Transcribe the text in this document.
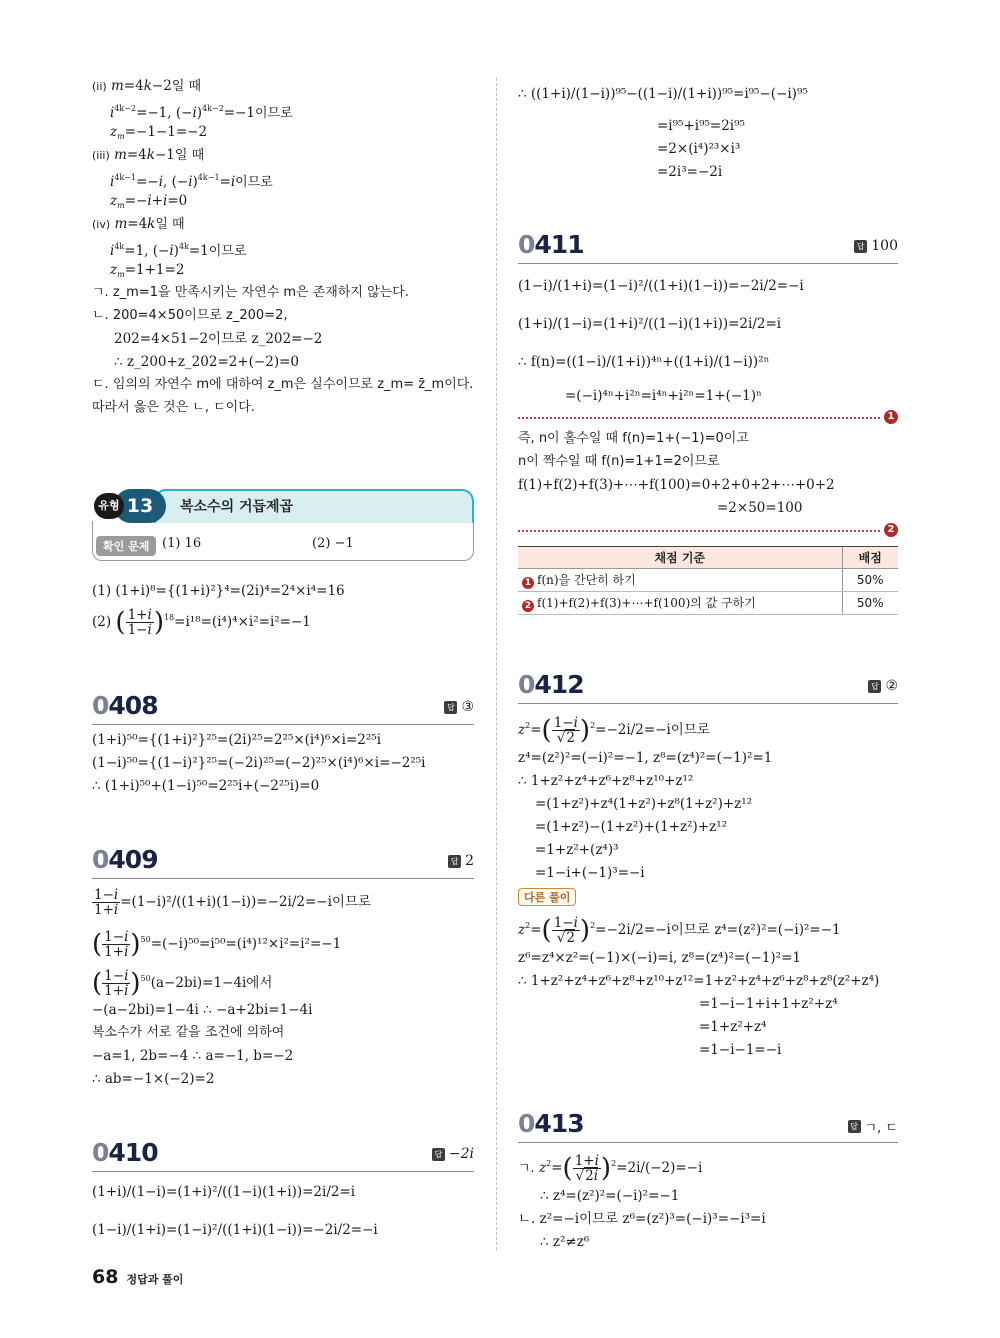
(ii) m=4k−2일 때
$i^{4k-2}=-1$, $(-i)^{4k-2}=-1$이므로
$z_m=-1-1=-2$
(iii) m=4k−1일 때
$i^{4k-1}=-i$, $(-i)^{4k-1}=i$이므로
$z_m=-i+i=0$
(iv) m=4k일 때
$i^{4k}=1$, $(-i)^{4k}=1$이므로
$z_m=1+1=2$
ㄱ. z_m=1을 만족시키는 자연수 m은 존재하지 않는다.
ㄴ. 200=4×50이므로 z_200=2,
202=4×51−2이므로 z_202=−2
∴ z_200+z_202=2+(−2)=0
ㄷ. 임의의 자연수 m에 대하여 z_m은 실수이므로 z_m= z̄_m이다.
따라서 옳은 것은 ㄴ, ㄷ이다.
13
유형	복소수의 거듭제곱
확인 문제 (1) 16	(2) −1
(1) (1+i)⁸={(1+i)²}⁴=(2i)⁴=2⁴×i⁴=16
(2) ( $\frac{1+i}{1-i} )^{18}=i^{18}=(i^4)^4\times i^2=i^2=-1$
0408	답 ③
(1+i)⁵⁰={(1+i)²}²⁵=(2i)²⁵=2²⁵×(i⁴)⁶×i=2²⁵i
(1−i)⁵⁰={(1−i)²}²⁵=(−2i)²⁵=(−2)²⁵×(i⁴)⁶×i=−2²⁵i
∴ (1+i)⁵⁰+(1−i)⁵⁰=2²⁵i+(−2²⁵i)=0
0409	답 2
$\frac{1-i}{1+i} =(1-i)^2/((1+i)(1-i))=-2i/2=-i$이므로
( $\frac{1-i}{1+i} )^{50}=(-i)^{50}=i^{50}=(i^4)^{12}\times i^2=i^2=-1$
( $\frac{1-i}{1+i} )^{50}(a-2bi)=1-4i$에서
−(a−2bi)=1−4i ∴ −a+2bi=1−4i
복소수가 서로 같을 조건에 의하여
−a=1, 2b=−4 ∴ a=−1, b=−2
∴ ab=−1×(−2)=2
0410	답 −2i
(1+i)/(1−i)=(1+i)²/((1−i)(1+i))=2i/2=i
(1−i)/(1+i)=(1−i)²/((1+i)(1−i))=−2i/2=−i
68 정답과 풀이
∴ ((1+i)/(1−i))⁹⁵−((1−i)/(1+i))⁹⁵=i⁹⁵−(−i)⁹⁵
=i⁹⁵+i⁹⁵=2i⁹⁵
=2×(i⁴)²³×i³
=2i³=−2i
0411	답 100
(1−i)/(1+i)=(1−i)²/((1+i)(1−i))=−2i/2=−i
(1+i)/(1−i)=(1+i)²/((1−i)(1+i))=2i/2=i
∴ f(n)=((1−i)/(1+i))⁴ⁿ+((1+i)/(1−i))²ⁿ
=(−i)⁴ⁿ+i²ⁿ=i⁴ⁿ+i²ⁿ=1+(−1)ⁿ
1
즉, n이 홀수일 때 f(n)=1+(−1)=0이고
n이 짝수일 때 f(n)=1+1=2이므로
f(1)+f(2)+f(3)+⋯+f(100)=0+2+0+2+⋯+0+2
=2×50=100
2
채점 기준	배점
1 f(n)을 간단히 하기	50%
2 f(1)+f(2)+f(3)+⋯+f(100)의 값 구하기	50%
0412	답 ②
$z^2=( \frac{1-i}{√2} )^2=-2i/2=-i$이므로
z⁴=(z²)²=(−i)²=−1, z⁸=(z⁴)²=(−1)²=1
∴ 1+z²+z⁴+z⁶+z⁸+z¹⁰+z¹²
=(1+z²)+z⁴(1+z²)+z⁸(1+z²)+z¹²
=(1+z²)−(1+z²)+(1+z²)+z¹²
=1+z²+(z⁴)³
=1−i+(−1)³=−i
다른 풀이
$z^2=( \frac{1-i}{√2} )^2=-2i/2=-i$이므로 z⁴=(z²)²=(−i)²=−1
z⁶=z⁴×z²=(−1)×(−i)=i, z⁸=(z⁴)²=(−1)²=1
∴ 1+z²+z⁴+z⁶+z⁸+z¹⁰+z¹²=1+z²+z⁴+z⁶+z⁸+z⁸(z²+z⁴)
=1−i−1+i+1+z²+z⁴
=1+z²+z⁴
=1−i−1=−i
0413	답 ㄱ, ㄷ
ㄱ. $z^2=( \frac{1+i}{√2i} )^2=2i/(-2)=-i$
∴ z⁴=(z²)²=(−i)²=−1
ㄴ. z²=−i이므로 z⁶=(z²)³=(−i)³=−i³=i
∴ z²≠z⁶
